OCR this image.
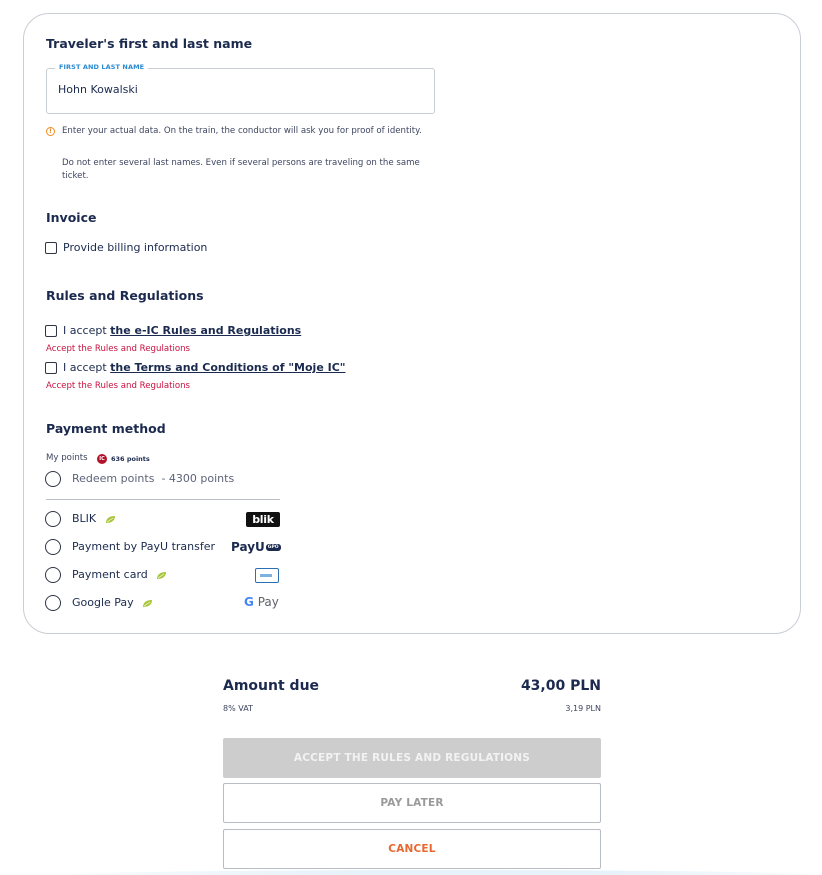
Traveler's first and last name
FIRST AND LAST NAME
Hohn Kowalski
!	Enter your actual data. On the train, the conductor will ask you for proof of identity.
Do not enter several last names. Even if several persons are traveling on the same ticket.
Invoice
Provide billing information
Rules and Regulations
I accept the e-IC Rules and Regulations
Accept the Rules and Regulations
I accept the Terms and Conditions of "Moje IC"
Accept the Rules and Regulations
Payment method
My points	IC 636 points
Redeem points - 4300 points
BLIK	blik
Payment by PayU transfer PayU GPO
Payment card
Google Pay	G Pay
Amount due	43,00 PLN
8% VAT	3,19 PLN
ACCEPT THE RULES AND REGULATIONS
PAY LATER
CANCEL
